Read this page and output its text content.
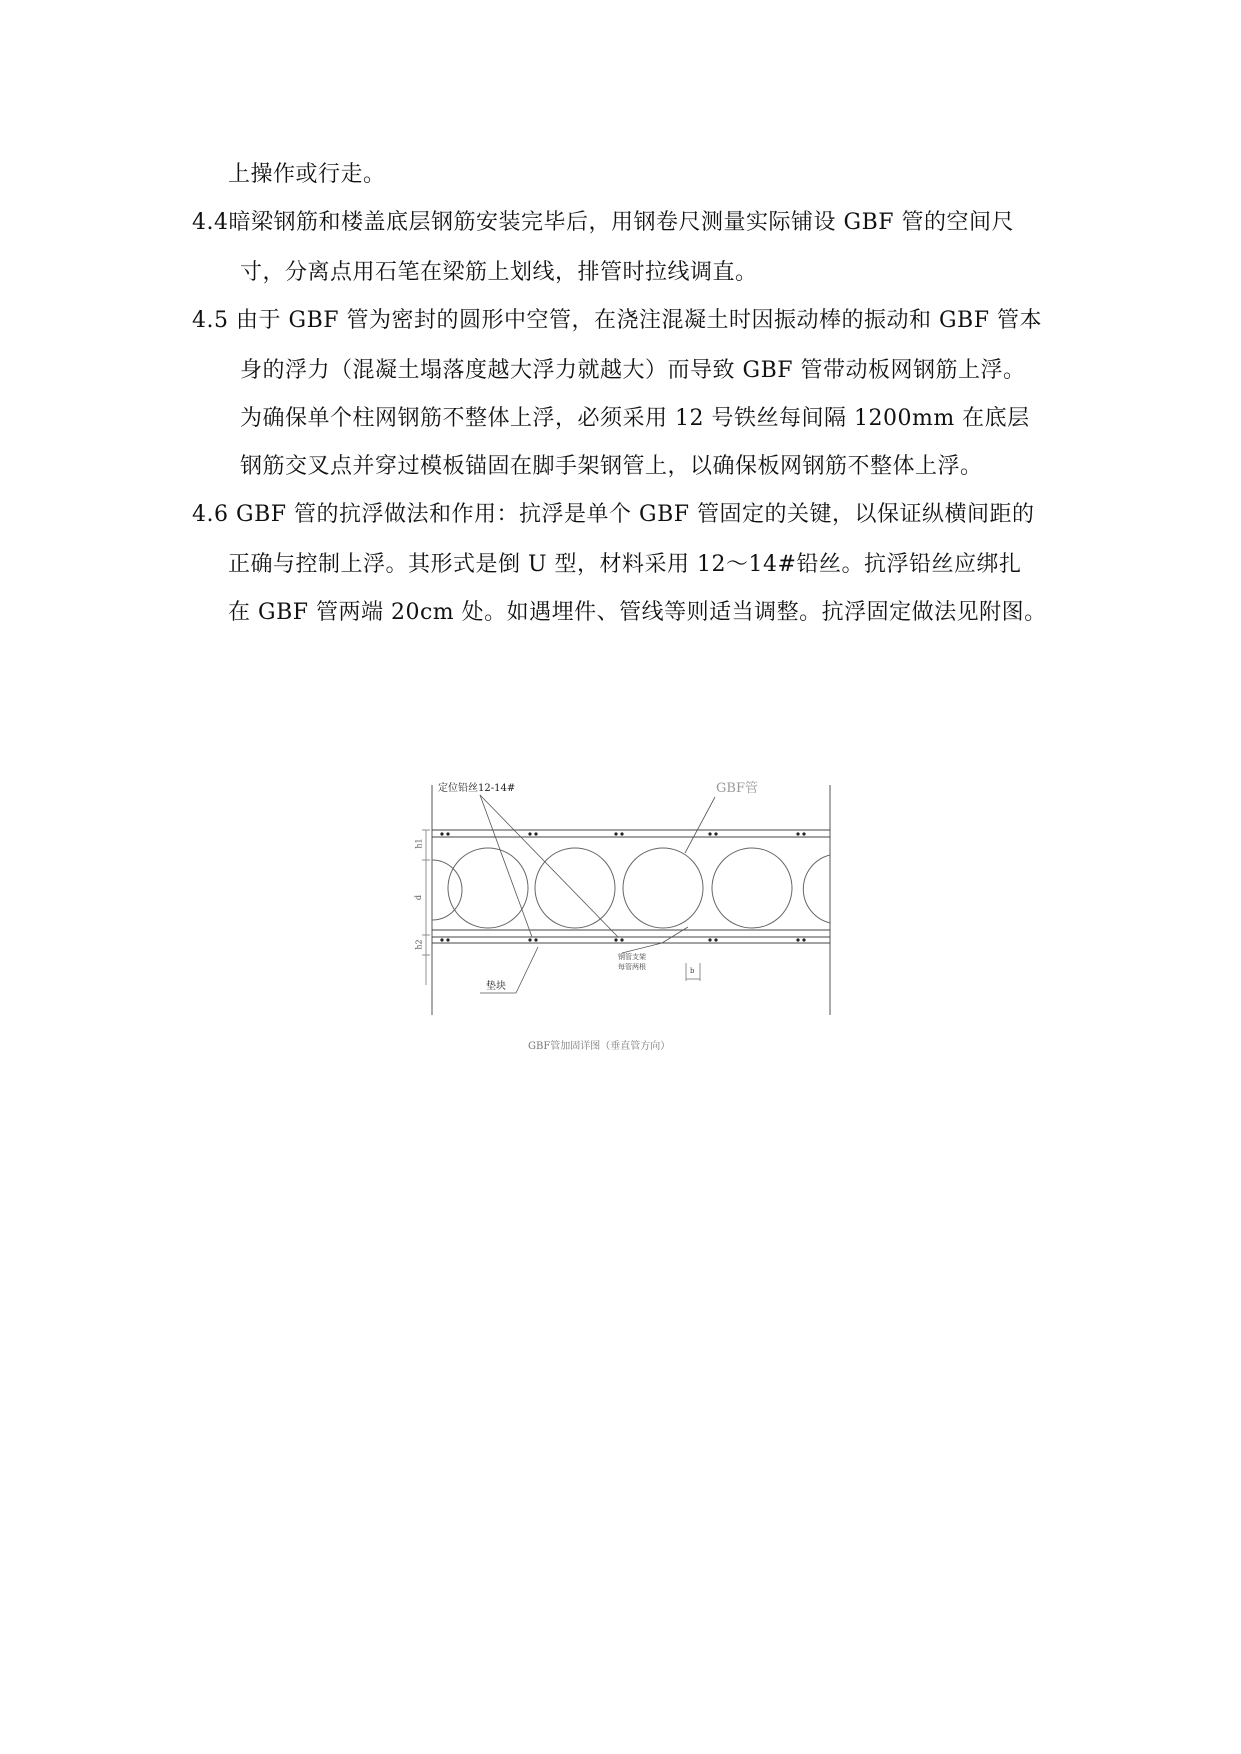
上操作或行走。
4.4暗梁钢筋和楼盖底层钢筋安装完毕后，用钢卷尺测量实际铺设 GBF 管的空间尺
寸，分离点用石笔在梁筋上划线，排管时拉线调直。
4.5 由于 GBF 管为密封的圆形中空管，在浇注混凝土时因振动棒的振动和 GBF 管本
身的浮力（混凝土塌落度越大浮力就越大）而导致 GBF 管带动板网钢筋上浮。
为确保单个柱网钢筋不整体上浮，必须采用 12 号铁丝每间隔 1200mm 在底层
钢筋交叉点并穿过模板锚固在脚手架钢管上，以确保板网钢筋不整体上浮。
4.6 GBF 管的抗浮做法和作用：抗浮是单个 GBF 管固定的关键，以保证纵横间距的
正确与控制上浮。其形式是倒 U 型，材料采用 12～14#铅丝。抗浮铅丝应绑扎
在 GBF 管两端 20cm 处。如遇埋件、管线等则适当调整。抗浮固定做法见附图。
定位铅丝12-14#	GBF管
垫块
钢管支架
每管两根
h1
d
h2
b
GBF管加固详图（垂直管方向）
